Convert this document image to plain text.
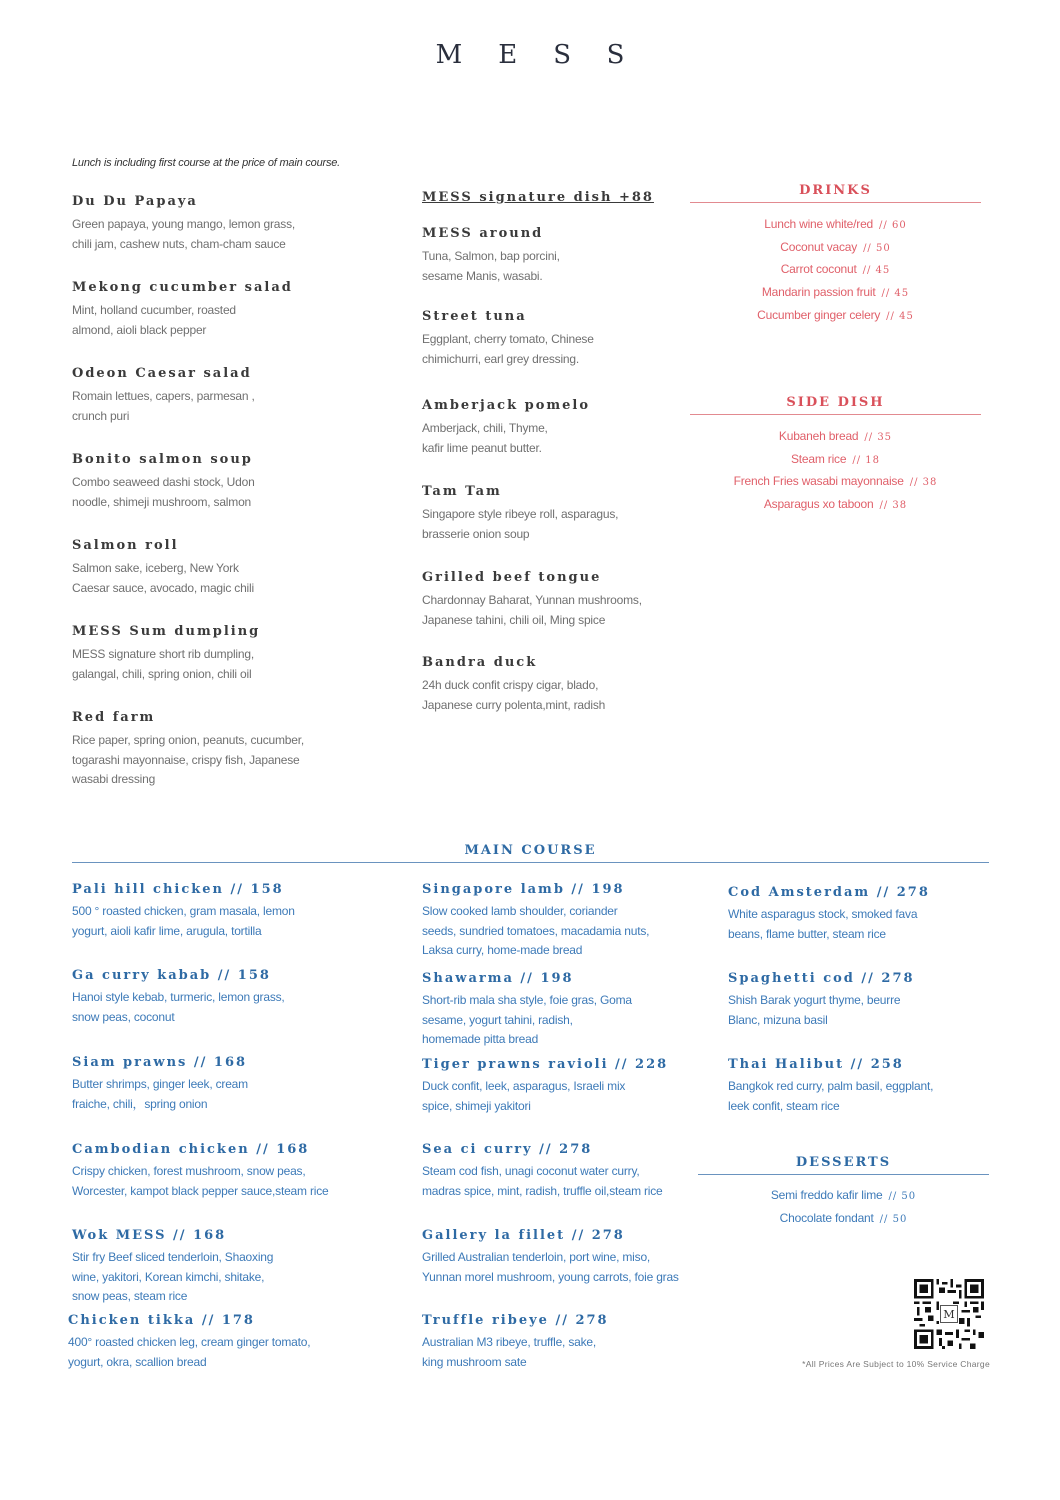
MESS
Lunch is including first course at the price of main course.
Du Du Papaya
Green papaya, young mango, lemon grass,
chili jam, cashew nuts, cham-cham sauce
Mekong cucumber salad
Mint, holland cucumber, roasted
almond, aioli black pepper
Odeon Caesar salad
Romain lettues, capers, parmesan ,
crunch puri
Bonito salmon soup
Combo seaweed dashi stock, Udon
noodle, shimeji mushroom, salmon
Salmon roll
Salmon sake, iceberg, New York
Caesar sauce, avocado, magic chili
MESS Sum dumpling
MESS signature short rib dumpling,
galangal, chili, spring onion, chili oil
Red farm
Rice paper, spring onion, peanuts, cucumber,
togarashi mayonnaise, crispy fish, Japanese
wasabi dressing
MESS signature dish +88
MESS around
Tuna, Salmon, bap porcini,
sesame Manis, wasabi.
Street tuna
Eggplant, cherry tomato, Chinese
chimichurri, earl grey dressing.
Amberjack pomelo
Amberjack, chili, Thyme,
kafir lime peanut butter.
Tam Tam
Singapore style ribeye roll, asparagus,
brasserie onion soup
Grilled beef tongue
Chardonnay Baharat, Yunnan mushrooms,
Japanese tahini, chili oil, Ming spice
Bandra duck
24h duck confit crispy cigar, blado,
Japanese curry polenta,mint, radish
DRINKS
Lunch wine white/red // 60
Coconut vacay // 50
Carrot coconut // 45
Mandarin passion fruit // 45
Cucumber ginger celery // 45
SIDE DISH
Kubaneh bread // 35
Steam rice // 18
French Fries wasabi mayonnaise // 38
Asparagus xo taboon // 38
MAIN COURSE
Pali hill chicken // 158
500 ° roasted chicken, gram masala, lemon
yogurt, aioli kafir lime, arugula, tortilla
Ga curry kabab // 158
Hanoi style kebab, turmeric, lemon grass,
snow peas, coconut
Siam prawns // 168
Butter shrimps, ginger leek, cream
fraiche, chili，spring onion
Cambodian chicken // 168
Crispy chicken, forest mushroom, snow peas,
Worcester, kampot black pepper sauce,steam rice
Wok MESS // 168
Stir fry Beef sliced tenderloin, Shaoxing
wine, yakitori, Korean kimchi, shitake,
snow peas, steam rice
Chicken tikka // 178
400° roasted chicken leg, cream ginger tomato,
yogurt, okra, scallion bread
Singapore lamb // 198
Slow cooked lamb shoulder, coriander
seeds, sundried tomatoes, macadamia nuts,
Laksa curry, home-made bread
Shawarma // 198
Short-rib mala sha style, foie gras, Goma
sesame, yogurt tahini, radish,
homemade pitta bread
Tiger prawns ravioli // 228
Duck confit, leek, asparagus, Israeli mix
spice, shimeji yakitori
Sea ci curry // 278
Steam cod fish, unagi coconut water curry,
madras spice, mint, radish, truffle oil,steam rice
Gallery la fillet // 278
Grilled Australian tenderloin, port wine, miso,
Yunnan morel mushroom, young carrots, foie gras
Truffle ribeye // 278
Australian M3 ribeye, truffle, sake,
king mushroom sate
Cod Amsterdam // 278
White asparagus stock, smoked fava
beans, flame butter, steam rice
Spaghetti cod // 278
Shish Barak yogurt thyme, beurre
Blanc, mizuna basil
Thai Halibut // 258
Bangkok red curry, palm basil, eggplant,
leek confit, steam rice
DESSERTS
Semi freddo kafir lime // 50
Chocolate fondant // 50
M
*All Prices Are Subject to 10% Service Charge
